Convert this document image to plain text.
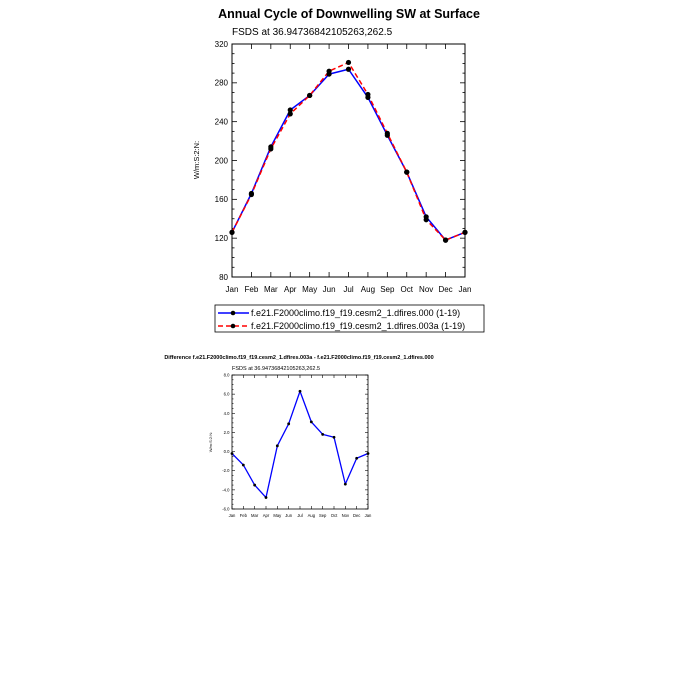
Annual Cycle of Downwelling SW at Surface
FSDS at 36.94736842105263,262.5
W/m:S:2:N:
80
120
160
200
240
280
320
Jan Feb Mar Apr May Jun Jul Aug Sep Oct Nov Dec Jan
f.e21.F2000climo.f19_f19.cesm2_1.dfires.000 (1-19)
f.e21.F2000climo.f19_f19.cesm2_1.dfires.003a (1-19)
Difference f.e21.F2000climo.f19_f19.cesm2_1.dfires.003a - f.e21.F2000climo.f19_f19.cesm2_1.dfires.000
FSDS at 36.94736842105263,262.5
W/m:S:2:N:
-6.0
-4.0
-2.0
0.0
2.0
4.0
6.0
8.0
Jan Feb Mar Apr May Jun Jul Aug Sep Oct Nov Dec Jan
